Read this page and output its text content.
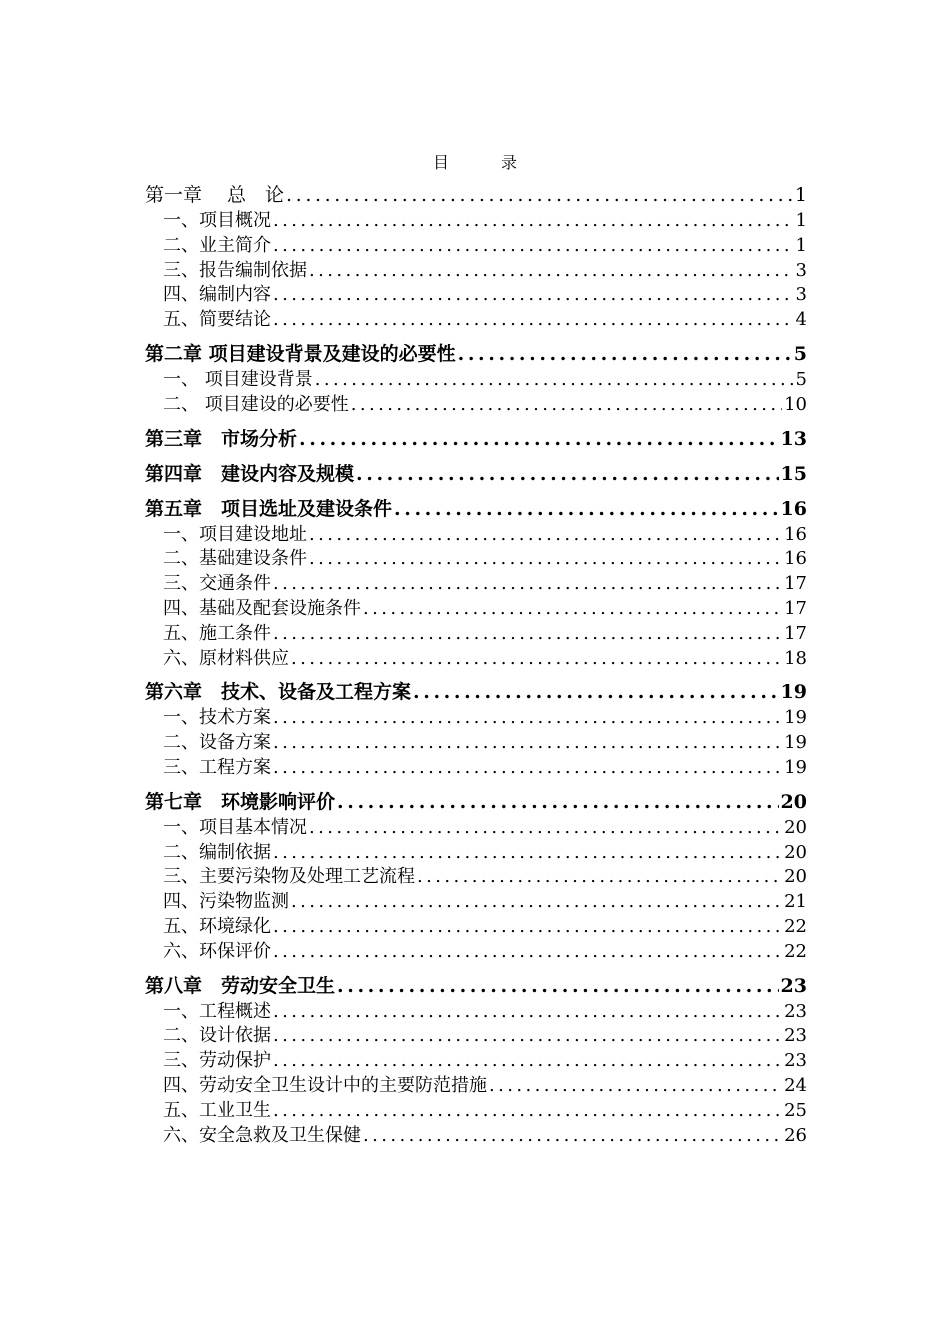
目　录
第一章　 总　论 .....	1
一、项目概况 .....	1
二、业主简介 .....	1
三、报告编制依据 .....	3
四、编制内容 .....	3
五、简要结论 .....	4
第二章 项目建设背景及建设的必要性 .....	5
一、 项目建设背景 .....	5
二、 项目建设的必要性 .....	10
第三章　市场分析 .....	13
第四章　建设内容及规模 .....	15
第五章　项目选址及建设条件 .....	16
一、项目建设地址 .....	16
二、基础建设条件 .....	16
三、交通条件 .....	17
四、基础及配套设施条件 .....	17
五、施工条件 .....	17
六、原材料供应 .....	18
第六章　技术、设备及工程方案 .....	19
一、技术方案 .....	19
二、设备方案 .....	19
三、工程方案 .....	19
第七章　环境影响评价 .....	20
一、项目基本情况 .....	20
二、编制依据 .....	20
三、主要污染物及处理工艺流程 .....	20
四、污染物监测 .....	21
五、环境绿化 .....	22
六、环保评价 .....	22
第八章　劳动安全卫生 .....	23
一、工程概述 .....	23
二、设计依据 .....	23
三、劳动保护 .....	23
四、劳动安全卫生设计中的主要防范措施 .....	24
五、工业卫生 .....	25
六、安全急救及卫生保健 .....	26
